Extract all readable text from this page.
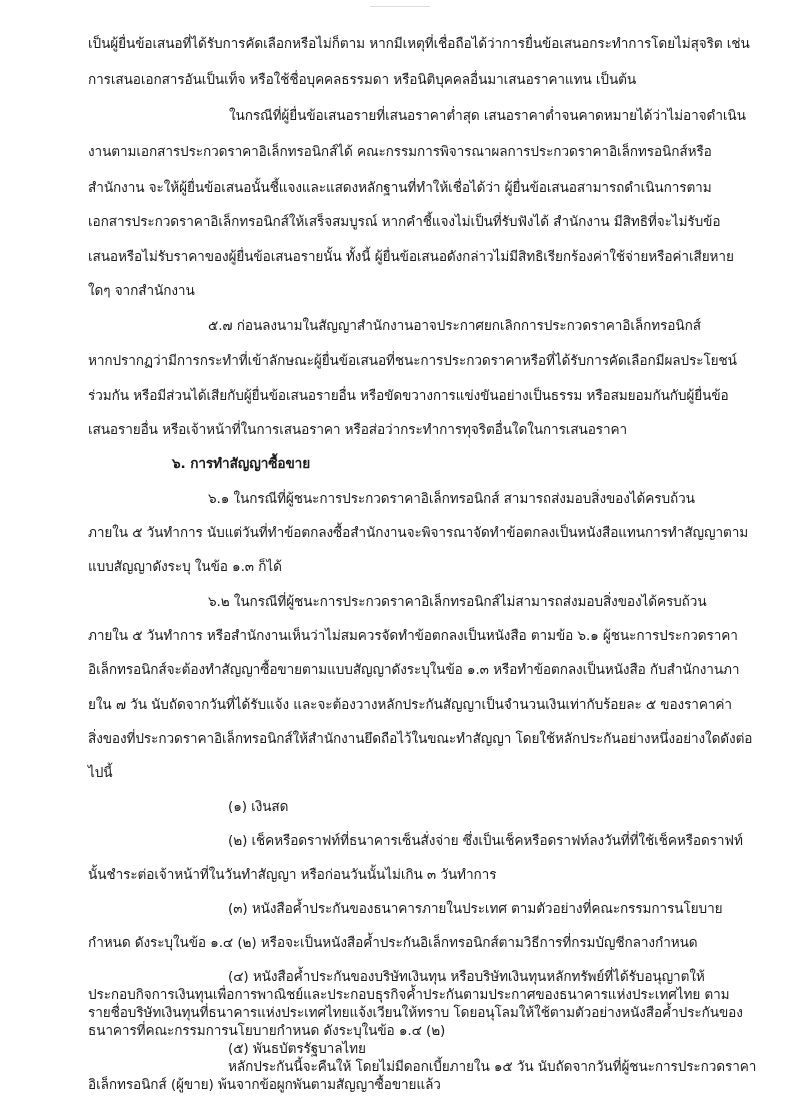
เป็นผู้ยื่นข้อเสนอที่ได้รับการคัดเลือกหรือไม่ก็ตาม หากมีเหตุที่เชื่อถือได้ว่าการยื่นข้อเสนอกระทำการโดยไม่สุจริต เช่น
การเสนอเอกสารอันเป็นเท็จ หรือใช้ชื่อบุคคลธรรมดา หรือนิติบุคคลอื่นมาเสนอราคาแทน เป็นต้น
ในกรณีที่ผู้ยื่นข้อเสนอรายที่เสนอราคาต่ำสุด เสนอราคาต่ำจนคาดหมายได้ว่าไม่อาจดำเนิน
งานตามเอกสารประกวดราคาอิเล็กทรอนิกส์ได้ คณะกรรมการพิจารณาผลการประกวดราคาอิเล็กทรอนิกส์หรือ
สำนักงาน จะให้ผู้ยื่นข้อเสนอนั้นชี้แจงและแสดงหลักฐานที่ทำให้เชื่อได้ว่า ผู้ยื่นข้อเสนอสามารถดำเนินการตาม
เอกสารประกวดราคาอิเล็กทรอนิกส์ให้เสร็จสมบูรณ์ หากคำชี้แจงไม่เป็นที่รับฟังได้ สำนักงาน มีสิทธิที่จะไม่รับข้อ
เสนอหรือไม่รับราคาของผู้ยื่นข้อเสนอรายนั้น ทั้งนี้ ผู้ยื่นข้อเสนอดังกล่าวไม่มีสิทธิเรียกร้องค่าใช้จ่ายหรือค่าเสียหาย
ใดๆ จากสำนักงาน
๕.๗ ก่อนลงนามในสัญญาสำนักงานอาจประกาศยกเลิกการประกวดราคาอิเล็กทรอนิกส์
หากปรากฏว่ามีการกระทำที่เข้าลักษณะผู้ยื่นข้อเสนอที่ชนะการประกวดราคาหรือที่ได้รับการคัดเลือกมีผลประโยชน์
ร่วมกัน หรือมีส่วนได้เสียกับผู้ยื่นข้อเสนอรายอื่น หรือขัดขวางการแข่งขันอย่างเป็นธรรม หรือสมยอมกันกับผู้ยื่นข้อ
เสนอรายอื่น หรือเจ้าหน้าที่ในการเสนอราคา หรือส่อว่ากระทำการทุจริตอื่นใดในการเสนอราคา
๖. การทำสัญญาซื้อขาย
๖.๑ ในกรณีที่ผู้ชนะการประกวดราคาอิเล็กทรอนิกส์ สามารถส่งมอบสิ่งของได้ครบถ้วน
ภายใน ๕ วันทำการ นับแต่วันที่ทำข้อตกลงซื้อสำนักงานจะพิจารณาจัดทำข้อตกลงเป็นหนังสือแทนการทำสัญญาตาม
แบบสัญญาดังระบุ ในข้อ ๑.๓ ก็ได้
๖.๒ ในกรณีที่ผู้ชนะการประกวดราคาอิเล็กทรอนิกส์ไม่สามารถส่งมอบสิ่งของได้ครบถ้วน
ภายใน ๕ วันทำการ หรือสำนักงานเห็นว่าไม่สมควรจัดทำข้อตกลงเป็นหนังสือ ตามข้อ ๖.๑ ผู้ชนะการประกวดราคา
อิเล็กทรอนิกส์จะต้องทำสัญญาซื้อขายตามแบบสัญญาดังระบุในข้อ ๑.๓ หรือทำข้อตกลงเป็นหนังสือ กับสำนักงานภา
ยใน ๗ วัน นับถัดจากวันที่ได้รับแจ้ง และจะต้องวางหลักประกันสัญญาเป็นจำนวนเงินเท่ากับร้อยละ ๕ ของราคาค่า
สิ่งของที่ประกวดราคาอิเล็กทรอนิกส์ให้สำนักงานยึดถือไว้ในขณะทำสัญญา โดยใช้หลักประกันอย่างหนึ่งอย่างใดดังต่อ
ไปนี้
(๑) เงินสด
(๒) เช็คหรือดราฟท์ที่ธนาคารเซ็นสั่งจ่าย ซึ่งเป็นเช็คหรือดราฟท์ลงวันที่ที่ใช้เช็คหรือดราฟท์
นั้นชำระต่อเจ้าหน้าที่ในวันทำสัญญา หรือก่อนวันนั้นไม่เกิน ๓ วันทำการ
(๓) หนังสือค้ำประกันของธนาคารภายในประเทศ ตามตัวอย่างที่คณะกรรมการนโยบาย
กำหนด ดังระบุในข้อ ๑.๔ (๒) หรือจะเป็นหนังสือค้ำประกันอิเล็กทรอนิกส์ตามวิธีการที่กรมบัญชีกลางกำหนด
(๔) หนังสือค้ำประกันของบริษัทเงินทุน หรือบริษัทเงินทุนหลักทรัพย์ที่ได้รับอนุญาตให้
ประกอบกิจการเงินทุนเพื่อการพาณิชย์และประกอบธุรกิจค้ำประกันตามประกาศของธนาคารแห่งประเทศไทย ตาม
รายชื่อบริษัทเงินทุนที่ธนาคารแห่งประเทศไทยแจ้งเวียนให้ทราบ โดยอนุโลมให้ใช้ตามตัวอย่างหนังสือค้ำประกันของ
ธนาคารที่คณะกรรมการนโยบายกำหนด ดังระบุในข้อ ๑.๔ (๒)
(๕) พันธบัตรรัฐบาลไทย
หลักประกันนี้จะคืนให้ โดยไม่มีดอกเบี้ยภายใน ๑๕ วัน นับถัดจากวันที่ผู้ชนะการประกวดราคา
อิเล็กทรอนิกส์ (ผู้ขาย) พ้นจากข้อผูกพันตามสัญญาซื้อขายแล้ว
